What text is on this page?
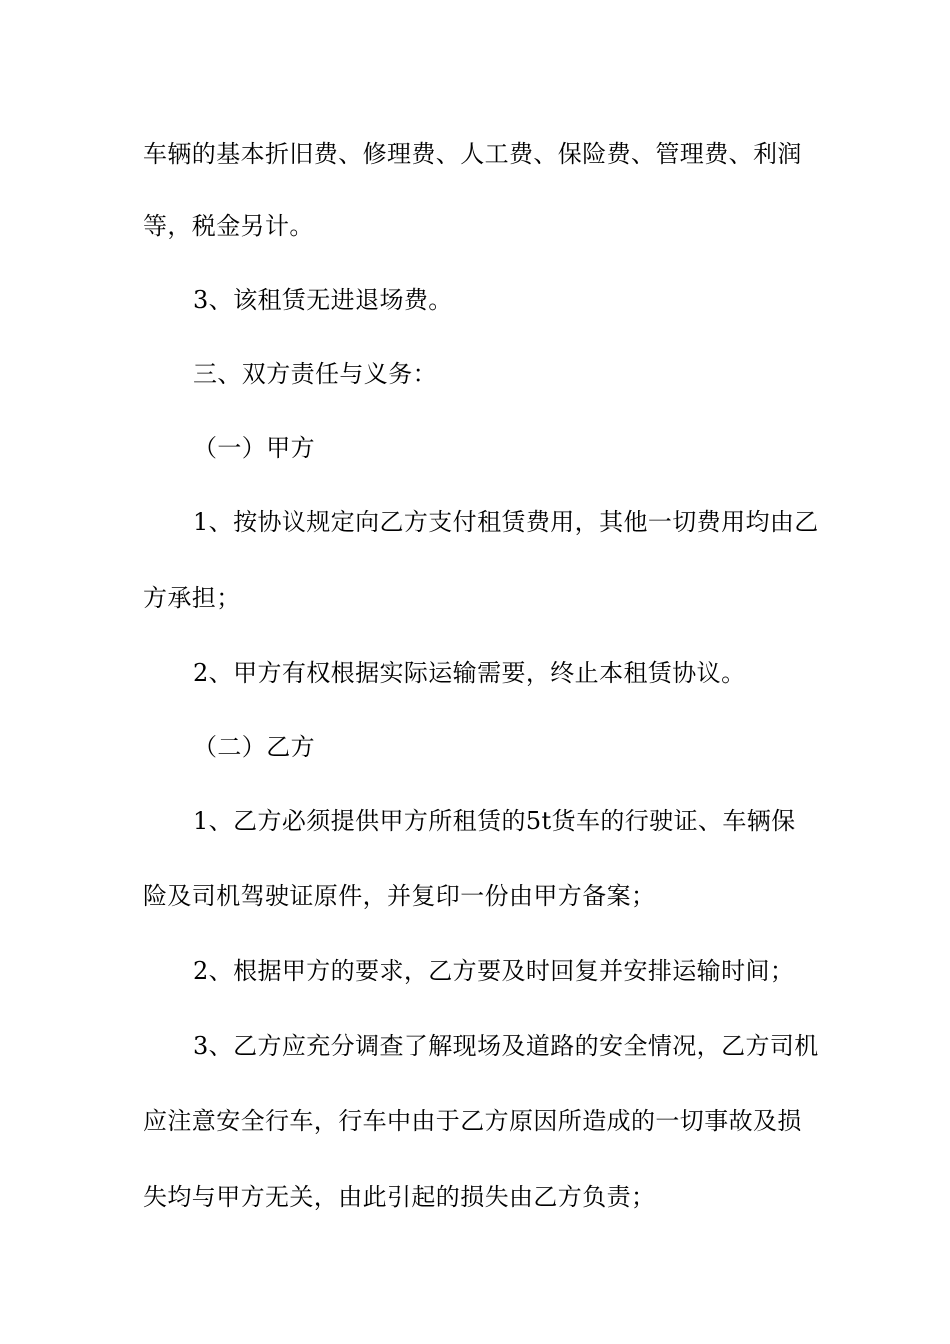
车辆的基本折旧费、修理费、人工费、保险费、管理费、利润
等，税金另计。
3、该租赁无进退场费。
三、双方责任与义务：
（一）甲方
1、按协议规定向乙方支付租赁费用，其他一切费用均由乙
方承担；
2、甲方有权根据实际运输需要，终止本租赁协议。
（二）乙方
1、乙方必须提供甲方所租赁的5t货车的行驶证、车辆保
险及司机驾驶证原件，并复印一份由甲方备案；
2、根据甲方的要求，乙方要及时回复并安排运输时间；
3、乙方应充分调查了解现场及道路的安全情况，乙方司机
应注意安全行车，行车中由于乙方原因所造成的一切事故及损
失均与甲方无关，由此引起的损失由乙方负责；
